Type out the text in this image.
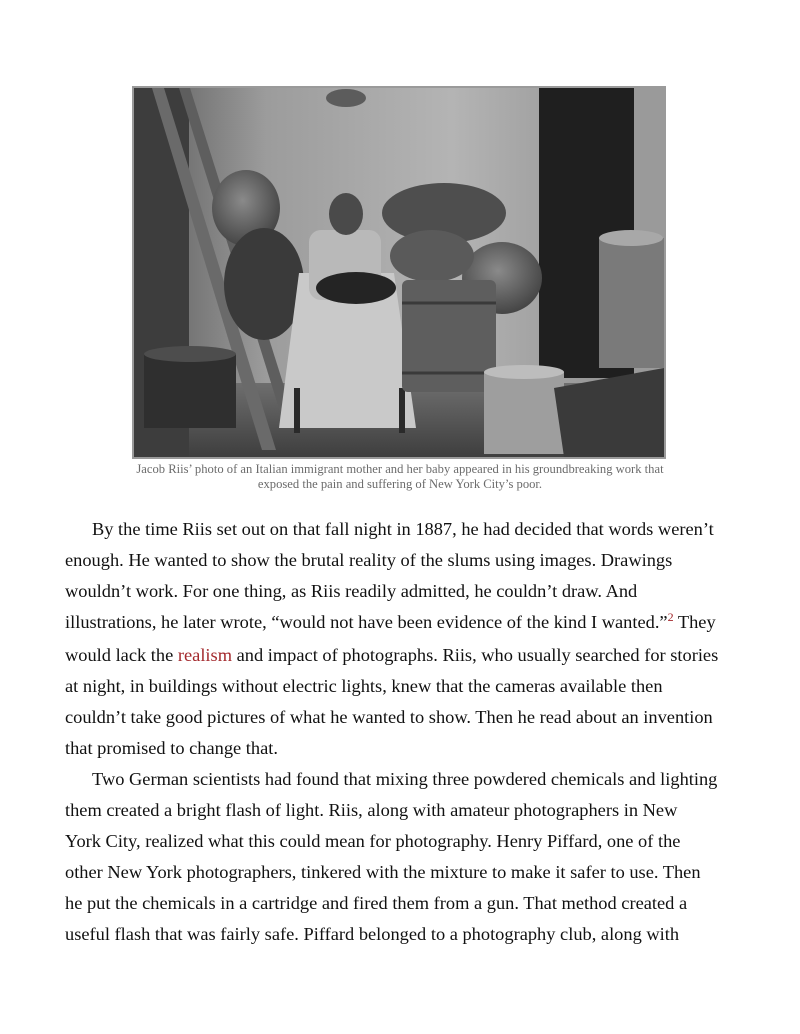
Jacob Riis’ photo of an Italian immigrant mother and her baby appeared in his groundbreaking work that
exposed the pain and suffering of New York City’s poor.
By the time Riis set out on that fall night in 1887, he had decided that words weren’t
enough. He wanted to show the brutal reality of the slums using images. Drawings
wouldn’t work. For one thing, as Riis readily admitted, he couldn’t draw. And
illustrations, he later wrote, “would not have been evidence of the kind I wanted.”$^2$ They
would lack the realism and impact of photographs. Riis, who usually searched for stories
at night, in buildings without electric lights, knew that the cameras available then
couldn’t take good pictures of what he wanted to show. Then he read about an invention
that promised to change that.
Two German scientists had found that mixing three powdered chemicals and lighting
them created a bright flash of light. Riis, along with amateur photographers in New
York City, realized what this could mean for photography. Henry Piffard, one of the
other New York photographers, tinkered with the mixture to make it safer to use. Then
he put the chemicals in a cartridge and fired them from a gun. That method created a
useful flash that was fairly safe. Piffard belonged to a photography club, along with
